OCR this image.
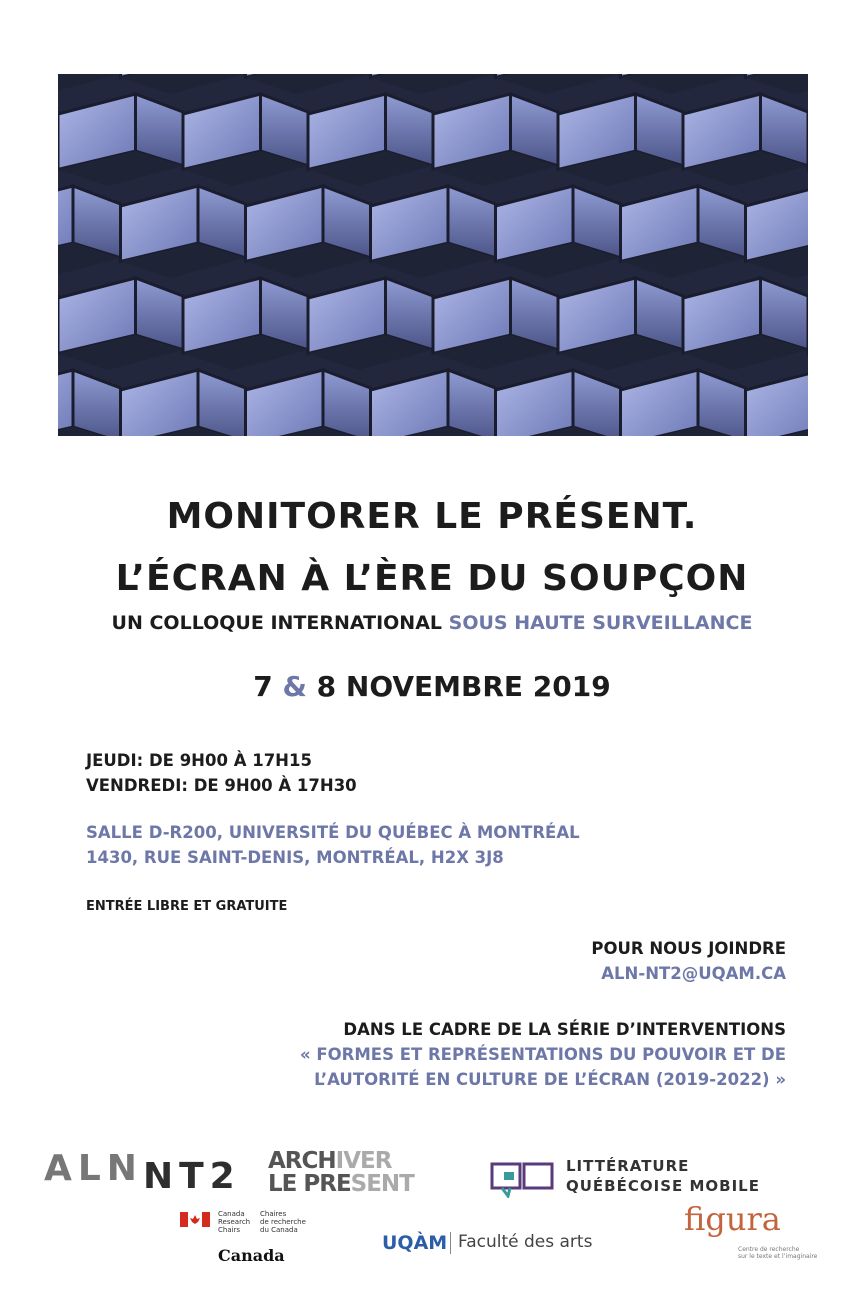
MONITORER LE PRÉSENT.
L’ÉCRAN À L’ÈRE DU SOUPÇON
UN COLLOQUE INTERNATIONAL SOUS HAUTE SURVEILLANCE
7 & 8 NOVEMBRE 2019
JEUDI: DE 9H00 À 17H15
VENDREDI: DE 9H00 À 17H30
SALLE D-R200, UNIVERSITÉ DU QUÉBEC À MONTRÉAL
1430, RUE SAINT-DENIS, MONTRÉAL, H2X 3J8
ENTRÉE LIBRE ET GRATUITE
POUR NOUS JOINDRE
ALN-NT2@UQAM.CA
DANS LE CADRE DE LA SÉRIE D’INTERVENTIONS
« FORMES ET REPRÉSENTATIONS DU POUVOIR ET DE
L’AUTORITÉ EN CULTURE DE L’ÉCRAN (2019-2022) »
ALNNT2 ARCHIVER
LE PRESENT
LITTÉRATURE
QUÉBÉCOISE MOBILE
Canada
Research
Chairs
Chaires
de recherche
du Canada
Canada
UQÀM Faculté des arts
figura
Centre de recherche
sur le texte et l’imaginaire
